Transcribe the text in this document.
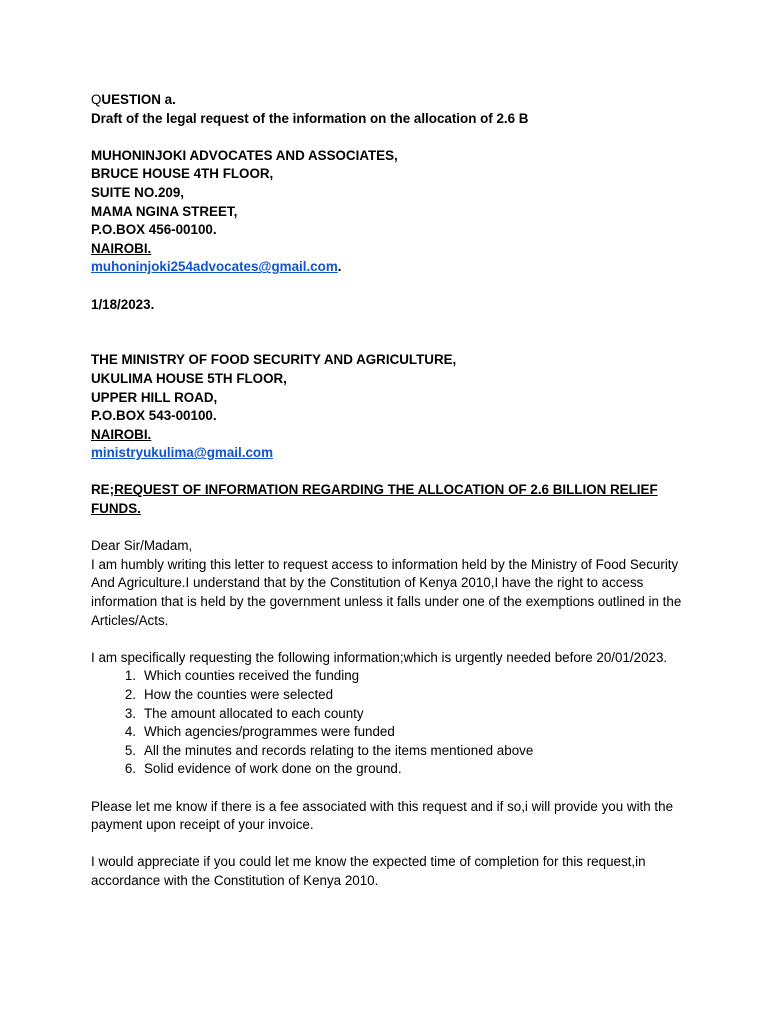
QUESTION a.
Draft of the legal request of the information on the allocation of 2.6 B
MUHONINJOKI ADVOCATES AND ASSOCIATES,
BRUCE HOUSE 4TH FLOOR,
SUITE NO.209,
MAMA NGINA STREET,
P.O.BOX 456-00100.
NAIROBI.
muhoninjoki254advocates@gmail.com.
1/18/2023.
THE MINISTRY OF FOOD SECURITY AND AGRICULTURE,
UKULIMA HOUSE 5TH FLOOR,
UPPER HILL ROAD,
P.O.BOX 543-00100.
NAIROBI.
ministryukulima@gmail.com
RE;REQUEST OF INFORMATION REGARDING THE ALLOCATION OF 2.6 BILLION RELIEF FUNDS.
Dear Sir/Madam,
I am humbly writing this letter to request access to information held by the Ministry of Food Security And Agriculture.I understand that by the Constitution of Kenya 2010,I have the right to access information that is held by the government unless it falls under one of the exemptions outlined in the Articles/Acts.
I am specifically requesting the following information;which is urgently needed before 20/01/2023.
1. Which counties received the funding
2. How the counties were selected
3. The amount allocated to each county
4. Which agencies/programmes were funded
5. All the minutes and records relating to the items mentioned above
6. Solid evidence of work done on the ground.
Please let me know if there is a fee associated with this request and if so,i will provide you with the payment upon receipt of your invoice.
I would appreciate if you could let me know the expected time of completion for this request,in accordance with the Constitution of Kenya 2010.
